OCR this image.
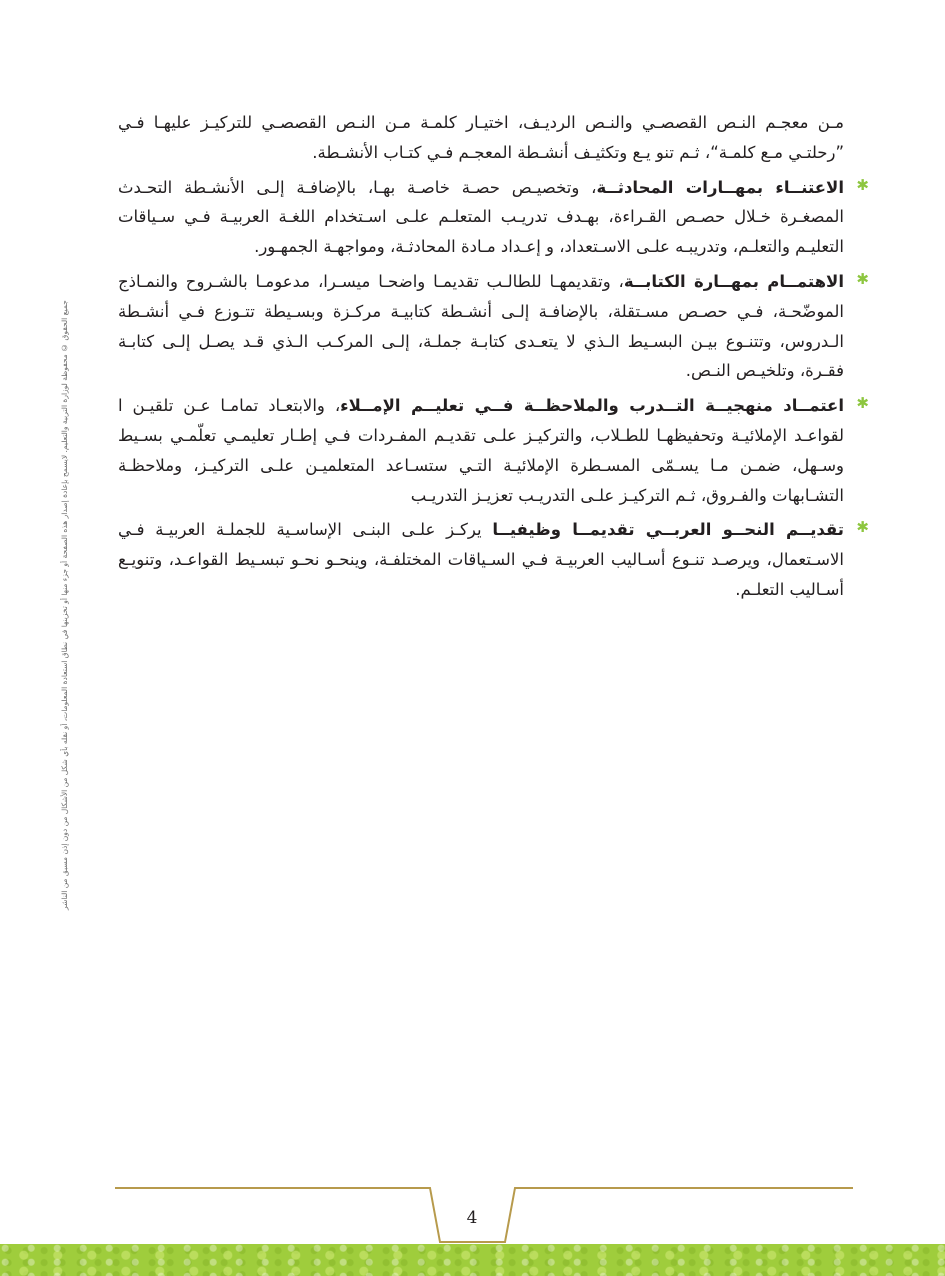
مـن معجـم النـص القصصـي والنـص الرديـف، اختيـار كلمـة مـن النـص القصصـي للتركيـز عليهـا فـي ”رحلتـي مـع كلمـة“، ثـم تنو يـع وتكثيـف أنشـطة المعجـم فـي كتـاب الأنشـطة.

✱
الاعتنــاء بمهــارات المحادثــة، وتخصيـص حصـة خاصـة بهـا، بالإضافـة إلـى الأنشـطة التحـدث المصغـرة خـلال حصـص القـراءة، بهـدف تدريـب المتعلـم علـى اسـتخدام اللغـة العربيـة فـي سـياقات التعليـم والتعلـم، وتدريبـه علـى الاسـتعداد، و إعـداد مـادة المحادثـة، ومواجهـة الجمهـور.

✱
الاهتمــام بمهــارة الكتابــة، وتقديمهـا للطالـب تقديمـا واضحـا ميسـرا، مدعومـا بالشـروح والنمـاذج الموضّحـة، فـي حصـص مسـتقلة، بالإضافـة إلـى أنشـطة كتابيـة مركـزة وبسـيطة تتـوزع فـي أنشـطة الـدروس، وتتنـوع بيـن البسـيط الـذي لا يتعـدى كتابـة جملـة، إلـى المركـب الـذي قـد يصـل إلـى كتابـة فقـرة، وتلخيـص النـص.

✱
اعتمــاد منهجيــة التــدرب والملاحظــة فــي تعليــم الإمــلاء، والابتعـاد تمامـا عـن تلقيـن ا لقواعـد الإملائيـة وتحفيظهـا للطـلاب، والتركيـز علـى تقديـم المفـردات فـي إطـار تعليمـي تعلّمـي بسـيط وسـهل، ضمـن مـا يسـمّى المسـطرة الإملائيـة التـي ستسـاعد المتعلميـن علـى التركيـز، وملاحظـة التشـابهات والفـروق، ثـم التركيـز علـى التدريـب تعزيـز التدريـب

✱
تقديــم النحــو العربــي تقديمــا وظيفيــا يركـز علـى البنـى الإساسـية للجملـة العربيـة فـي الاسـتعمال، ويرصـد تنـوع أسـاليب العربيـة فـي السـياقات المختلفـة، وينحـو نحـو تبسـيط القواعـد، وتنويـع أسـاليب التعلـم.

جميع الحقوق © محفوظة لوزارة التربية والتعليم. لايسمح بإعادة إصدار هذه الصفحة أو جزء منها أو تخزينها في نطاق استعادة المعلومات، أو نقله بأي شكل من الأشكال من دون إذن مسبق من الناشر
4
